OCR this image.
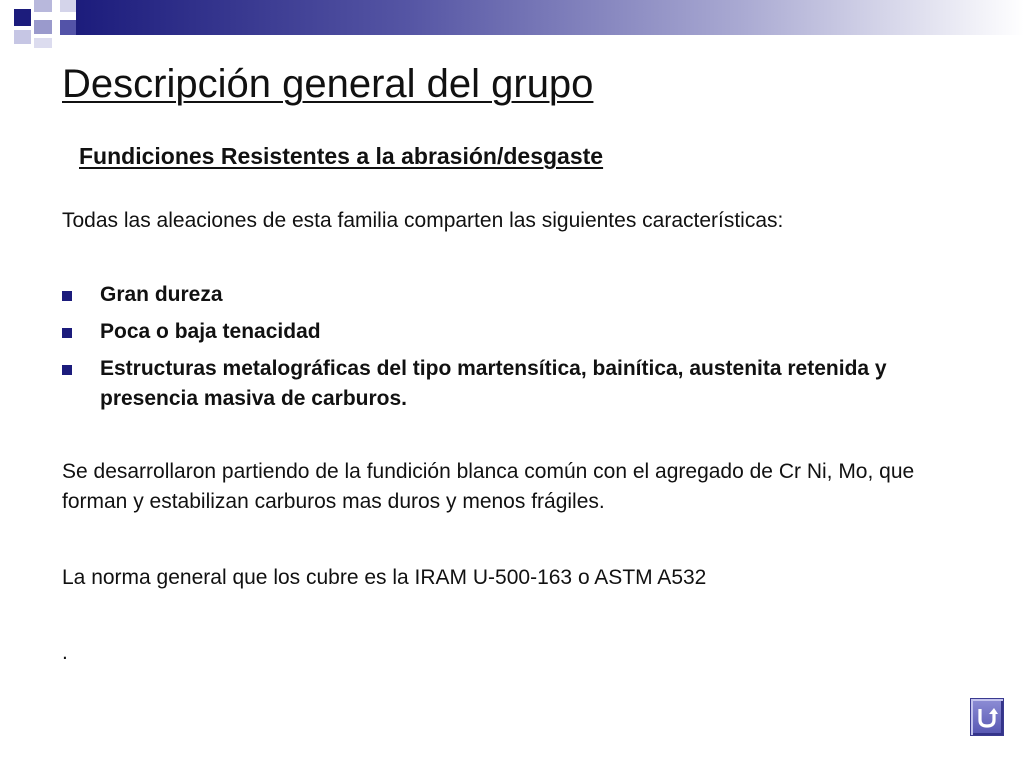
Descripción general del grupo
Fundiciones Resistentes a la abrasión/desgaste

Todas las aleaciones de esta familia comparten las siguientes características:

Gran dureza
Poca o baja tenacidad
Estructuras metalográficas del tipo martensítica, bainítica, austenita retenida y presencia masiva de carburos.

Se desarrollaron partiendo de la fundición blanca común con el agregado de Cr Ni, Mo, que forman y estabilizan carburos mas duros y menos frágiles.

La norma general que los cubre es la IRAM U-500-163 o ASTM A532

.
